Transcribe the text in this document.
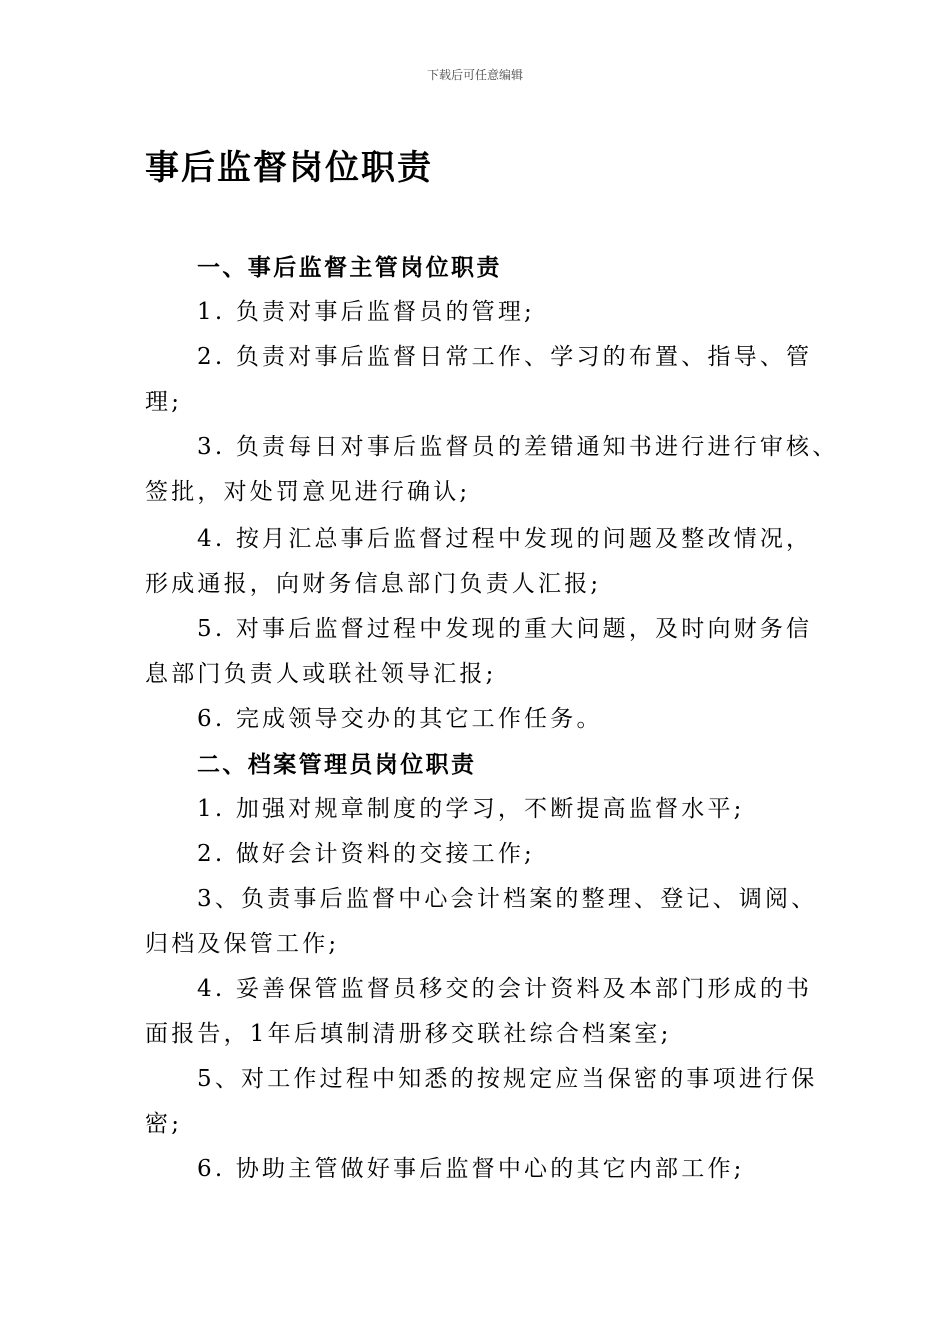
下载后可任意编辑
事后监督岗位职责
一、事后监督主管岗位职责
1. 负责对事后监督员的管理;
2. 负责对事后监督日常工作、学习的布置、指导、管
理;
3. 负责每日对事后监督员的差错通知书进行进行审核、
签批，对处罚意见进行确认;
4. 按月汇总事后监督过程中发现的问题及整改情况，
形成通报，向财务信息部门负责人汇报;
5. 对事后监督过程中发现的重大问题，及时向财务信
息部门负责人或联社领导汇报;
6. 完成领导交办的其它工作任务。
二、档案管理员岗位职责
1. 加强对规章制度的学习，不断提高监督水平;
2. 做好会计资料的交接工作;
3、负责事后监督中心会计档案的整理、登记、调阅、
归档及保管工作;
4. 妥善保管监督员移交的会计资料及本部门形成的书
面报告，1年后填制清册移交联社综合档案室;
5、对工作过程中知悉的按规定应当保密的事项进行保
密;
6. 协助主管做好事后监督中心的其它内部工作;
